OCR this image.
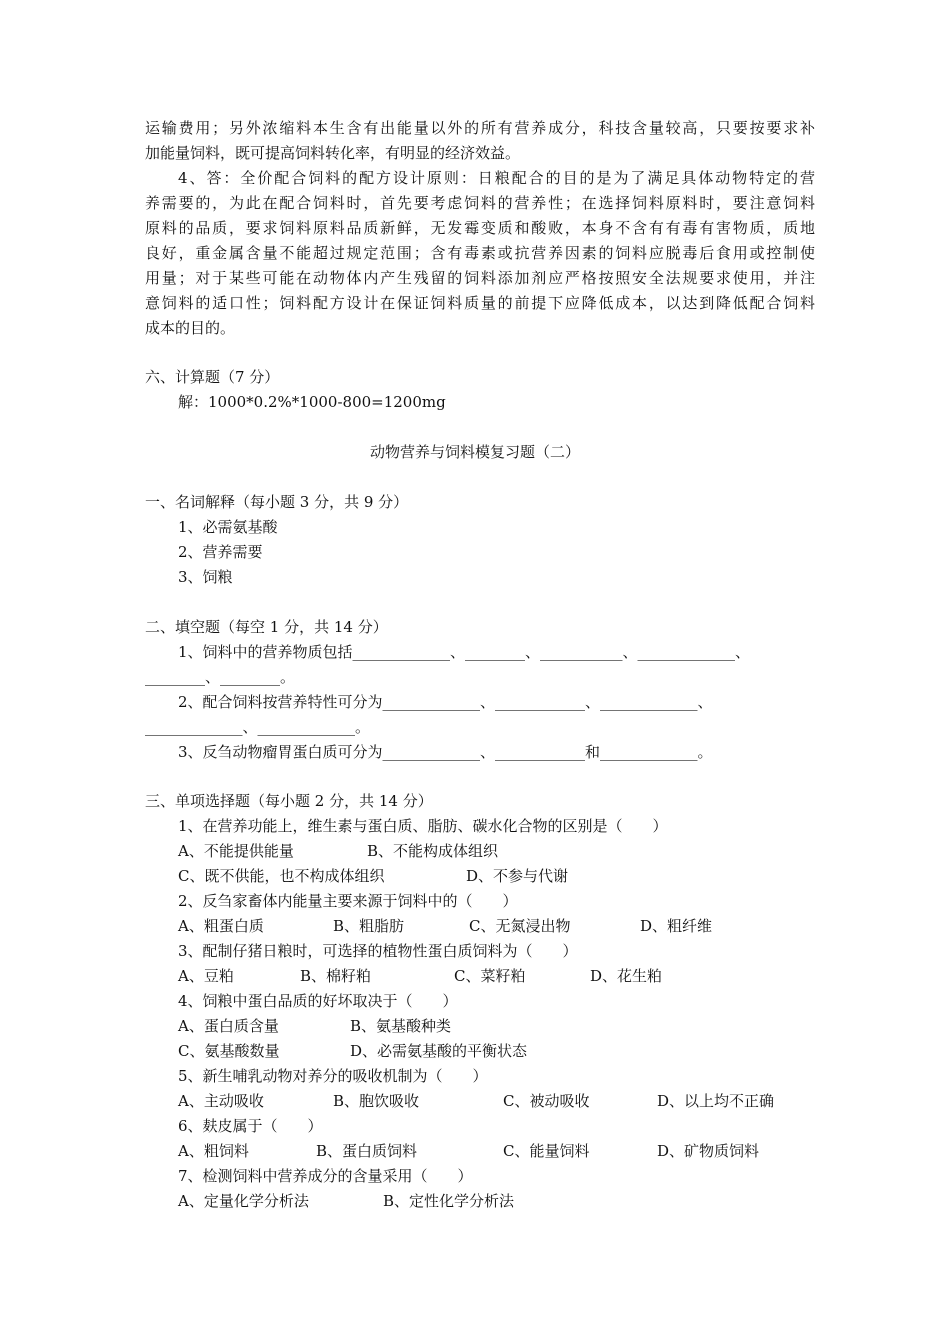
运输费用；另外浓缩料本生含有出能量以外的所有营养成分，科技含量较高，只要按要求补
加能量饲料，既可提高饲料转化率，有明显的经济效益。
4、答：全价配合饲料的配方设计原则：日粮配合的目的是为了满足具体动物特定的营
养需要的，为此在配合饲料时，首先要考虑饲料的营养性；在选择饲料原料时，要注意饲料
原料的品质，要求饲料原料品质新鲜，无发霉变质和酸败，本身不含有有毒有害物质，质地
良好，重金属含量不能超过规定范围；含有毒素或抗营养因素的饲料应脱毒后食用或控制使
用量；对于某些可能在动物体内产生残留的饲料添加剂应严格按照安全法规要求使用，并注
意饲料的适口性；饲料配方设计在保证饲料质量的前提下应降低成本，以达到降低配合饲料
成本的目的。
六、计算题（7 分）
解：1000*0.2%*1000-800=1200mg
动物营养与饲料模复习题（二）
一、名词解释（每小题 3 分，共 9 分）
1、必需氨基酸
2、营养需要
3、饲粮
二、填空题（每空 1 分，共 14 分）
1、饲料中的营养物质包括_____________、________、___________、_____________、
________、________。
2、配合饲料按营养特性可分为_____________、____________、_____________、
_____________、_____________。
3、反刍动物瘤胃蛋白质可分为_____________、____________和_____________。
三、单项选择题（每小题 2 分，共 14 分）
1、在营养功能上，维生素与蛋白质、脂肪、碳水化合物的区别是（　　）
A、不能提供能量	B、不能构成体组织
C、既不供能，也不构成体组织	D、不参与代谢
2、反刍家畜体内能量主要来源于饲料中的（　　）
A、粗蛋白质	B、粗脂肪	C、无氮浸出物	D、粗纤维
3、配制仔猪日粮时，可选择的植物性蛋白质饲料为（　　）
A、豆粕	B、棉籽粕	C、菜籽粕	D、花生粕
4、饲粮中蛋白品质的好坏取决于（　　）
A、蛋白质含量	B、氨基酸种类
C、氨基酸数量	D、必需氨基酸的平衡状态
5、新生哺乳动物对养分的吸收机制为（　　）
A、主动吸收	B、胞饮吸收	C、被动吸收	D、以上均不正确
6、麸皮属于（　　）
A、粗饲料	B、蛋白质饲料	C、能量饲料	D、矿物质饲料
7、检测饲料中营养成分的含量采用（　　）
A、定量化学分析法	B、定性化学分析法
